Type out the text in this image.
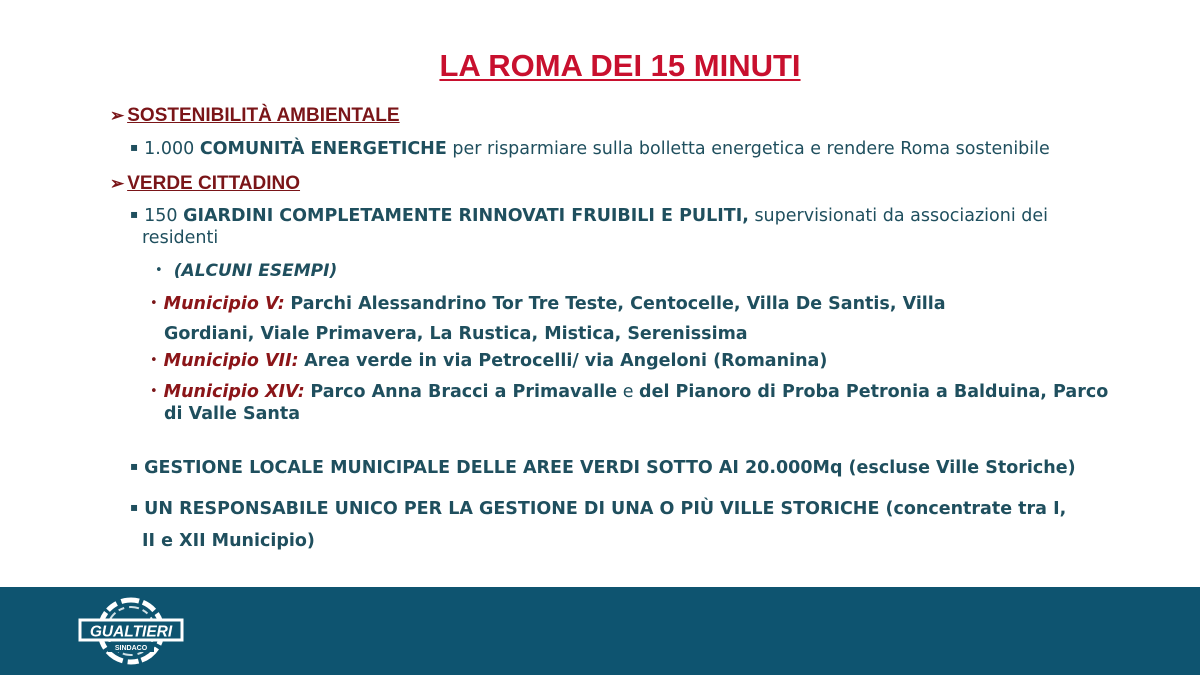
LA ROMA DEI 15 MINUTI
➢ SOSTENIBILITÀ AMBIENTALE
▪ 1.000 COMUNITÀ ENERGETICHE per risparmiare sulla bolletta energetica e rendere Roma sostenibile
➢ VERDE CITTADINO
▪ 150 GIARDINI COMPLETAMENTE RINNOVATI FRUIBILI E PULITI, supervisionati da associazioni dei
residenti
• (ALCUNI ESEMPI)
• Municipio V: Parchi Alessandrino Tor Tre Teste, Centocelle, Villa De Santis, Villa
Gordiani, Viale Primavera, La Rustica, Mistica, Serenissima
• Municipio VII: Area verde in via Petrocelli/ via Angeloni (Romanina)
• Municipio XIV: Parco Anna Bracci a Primavalle e del Pianoro di Proba Petronia a Balduina, Parco
di Valle Santa
▪ GESTIONE LOCALE MUNICIPALE DELLE AREE VERDI SOTTO AI 20.000Mq (escluse Ville Storiche)
▪ UN RESPONSABILE UNICO PER LA GESTIONE DI UNA O PIÙ VILLE STORICHE (concentrate tra I,
II e XII Municipio)
GUALTIERI
SINDACO
